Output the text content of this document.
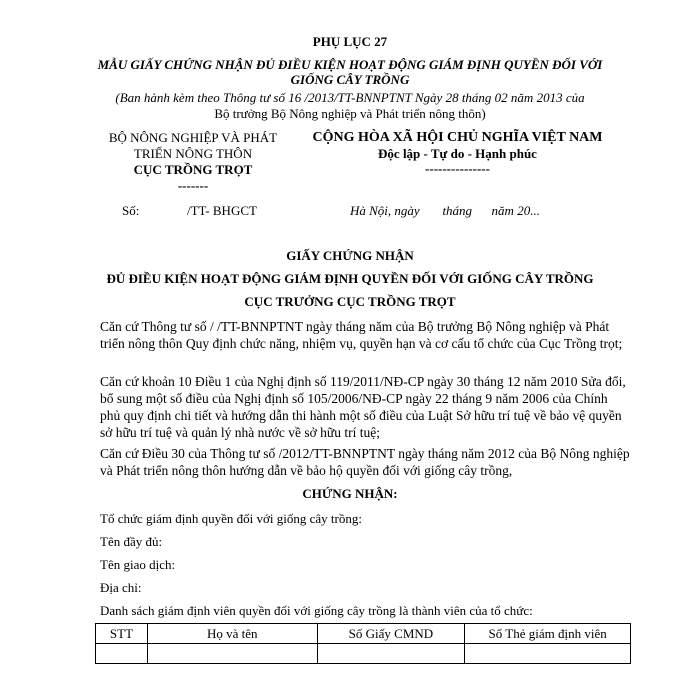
PHỤ LỤC 27
MẪU GIẤY CHỨNG NHẬN ĐỦ ĐIỀU KIỆN HOẠT ĐỘNG GIÁM ĐỊNH QUYỀN ĐỐI VỚI
GIỐNG CÂY TRỒNG
(Ban hành kèm theo Thông tư số 16 /2013/TT-BNNPTNT Ngày 28 tháng 02 năm 2013 của
Bộ trưởng Bộ Nông nghiệp và Phát triển nông thôn)
BỘ NÔNG NGHIỆP VÀ PHÁT
TRIỂN NÔNG THÔN
CỤC TRỒNG TRỌT
-------
CỘNG HÒA XÃ HỘI CHỦ NGHĨA VIỆT NAM
Độc lập - Tự do - Hạnh phúc
---------------
Số:	/TT- BHGCT	Hà Nội, ngày       tháng      năm 20...
GIẤY CHỨNG NHẬN
ĐỦ ĐIỀU KIỆN HOẠT ĐỘNG GIÁM ĐỊNH QUYỀN ĐỐI VỚI GIỐNG CÂY TRỒNG
CỤC TRƯỞNG CỤC TRỒNG TRỌT
Căn cứ Thông tư số / /TT-BNNPTNT ngày tháng năm của Bộ trưởng Bộ Nông nghiệp và Phát triển nông thôn Quy định chức năng, nhiệm vụ, quyền hạn và cơ cấu tổ chức của Cục Trồng trọt;
Căn cứ khoản 10 Điều 1 của Nghị định số 119/2011/NĐ-CP ngày 30 tháng 12 năm 2010 Sửa đổi, bổ sung một số điều của Nghị định số 105/2006/NĐ-CP ngày 22 tháng 9 năm 2006 của Chính phủ quy định chi tiết và hướng dẫn thi hành một số điều của Luật Sở hữu trí tuệ về bảo vệ quyền sở hữu trí tuệ và quản lý nhà nước về sở hữu trí tuệ;
Căn cứ Điều 30 của Thông tư số /2012/TT-BNNPTNT ngày tháng năm 2012 của Bộ Nông nghiệp và Phát triển nông thôn hướng dẫn về bảo hộ quyền đối với giống cây trồng,
CHỨNG NHẬN:
Tổ chức giám định quyền đối với giống cây trồng:
Tên đầy đủ:
Tên giao dịch:
Địa chỉ:
Danh sách giám định viên quyền đối với giống cây trồng là thành viên của tổ chức:
STT	Họ và tên	Số Giấy CMND	Số Thẻ giám định viên
